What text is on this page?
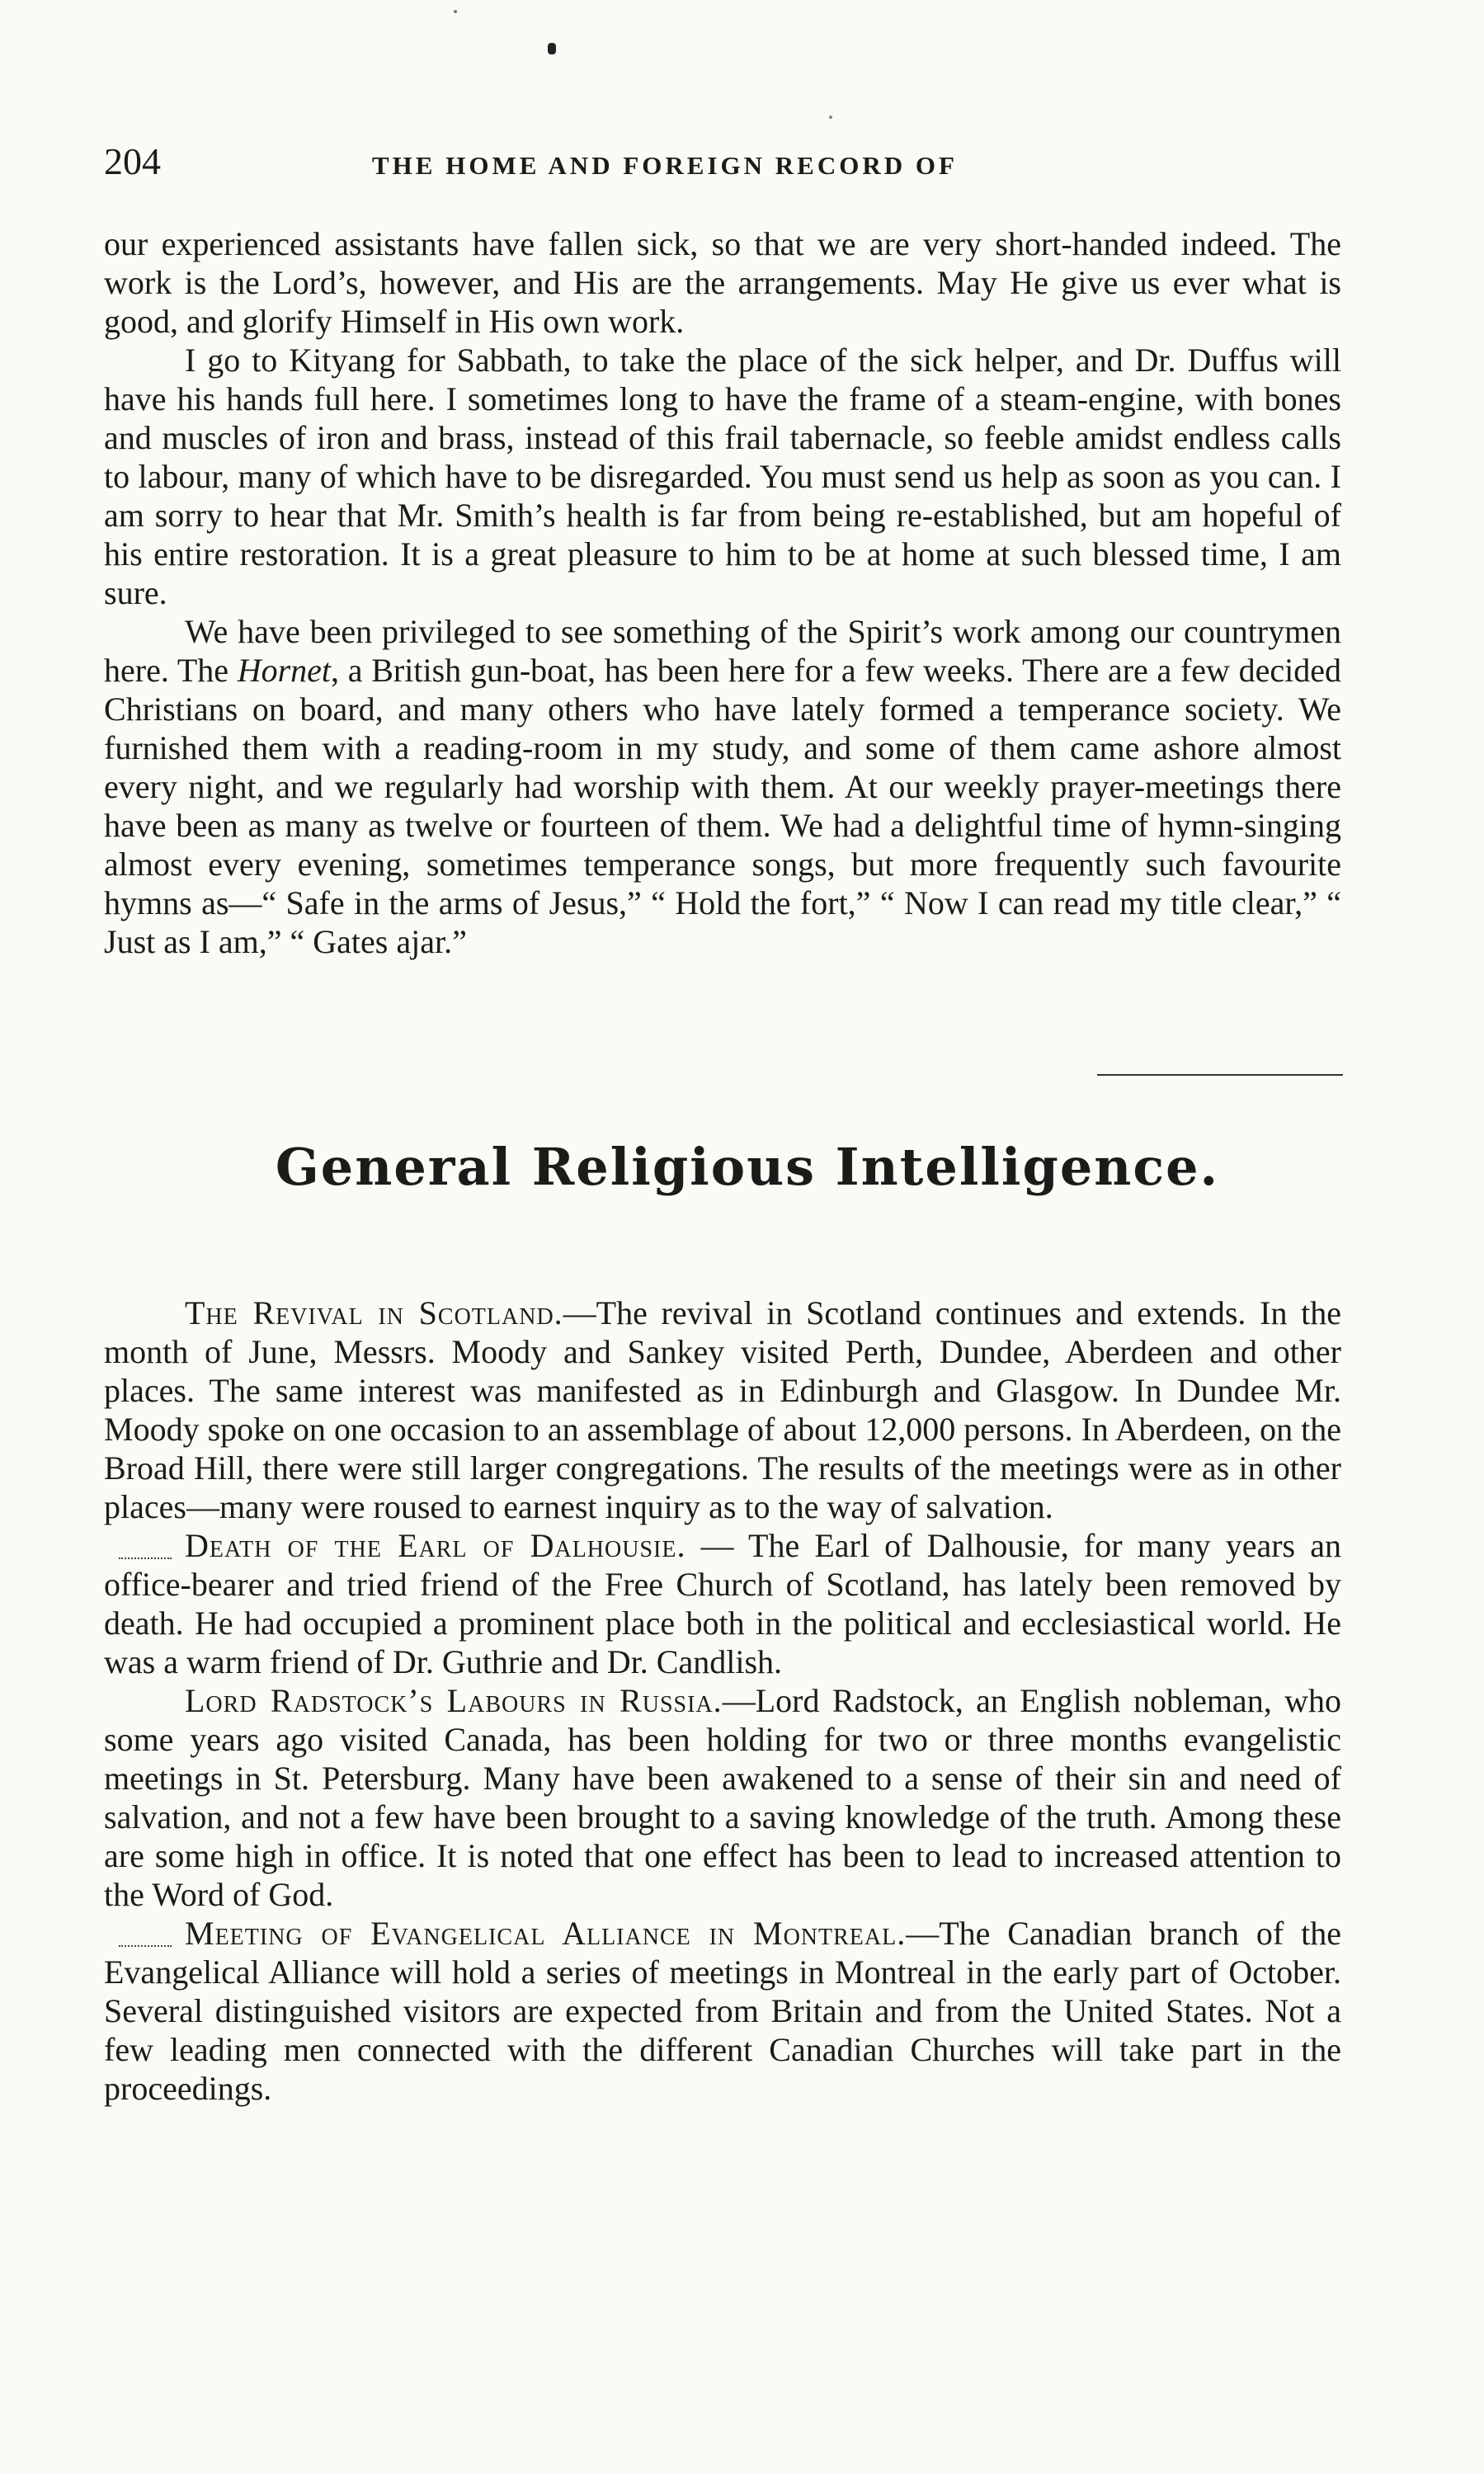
204	THE HOME AND FOREIGN RECORD OF

our experienced assistants have fallen sick, so that we are very short-handed indeed. The work is the Lord’s, however, and His are the arrangements. May He give us ever what is good, and glorify Himself in His own work.

I go to Kityang for Sabbath, to take the place of the sick helper, and Dr. Duffus will have his hands full here. I sometimes long to have the frame of a steam-engine, with bones and muscles of iron and brass, instead of this frail tabernacle, so feeble amidst endless calls to labour, many of which have to be disregarded. You must send us help as soon as you can. I am sorry to hear that Mr. Smith’s health is far from being re-established, but am hopeful of his entire restoration. It is a great pleasure to him to be at home at such blessed time, I am sure.

We have been privileged to see something of the Spirit’s work among our countrymen here. The Hornet, a British gun-boat, has been here for a few weeks. There are a few decided Christians on board, and many others who have lately formed a temperance society. We furnished them with a reading-room in my study, and some of them came ashore almost every night, and we regularly had worship with them. At our weekly prayer-meetings there have been as many as twelve or fourteen of them. We had a delightful time of hymn-singing almost every evening, sometimes temperance songs, but more frequently such favourite hymns as—“ Safe in the arms of Jesus,” “ Hold the fort,” “ Now I can read my title clear,” “ Just as I am,” “ Gates ajar.”

General Religious Intelligence.

The Revival in Scotland.—The revival in Scotland continues and extends. In the month of June, Messrs. Moody and Sankey visited Perth, Dundee, Aberdeen and other places. The same interest was manifested as in Edinburgh and Glasgow. In Dundee Mr. Moody spoke on one occasion to an assemblage of about 12,000 persons. In Aberdeen, on the Broad Hill, there were still larger congregations. The results of the meetings were as in other places—many were roused to earnest inquiry as to the way of salvation.

Death of the Earl of Dalhousie. — The Earl of Dalhousie, for many years an office-bearer and tried friend of the Free Church of Scotland, has lately been removed by death. He had occupied a prominent place both in the political and ecclesiastical world. He was a warm friend of Dr. Guthrie and Dr. Candlish.

Lord Radstock’s Labours in Russia.—Lord Radstock, an English nobleman, who some years ago visited Canada, has been holding for two or three months evangelistic meetings in St. Petersburg. Many have been awakened to a sense of their sin and need of salvation, and not a few have been brought to a saving knowledge of the truth. Among these are some high in office. It is noted that one effect has been to lead to increased attention to the Word of God.

Meeting of Evangelical Alliance in Montreal.—The Canadian branch of the Evangelical Alliance will hold a series of meetings in Montreal in the early part of October. Several distinguished visitors are expected from Britain and from the United States. Not a few leading men connected with the different Canadian Churches will take part in the proceedings.
